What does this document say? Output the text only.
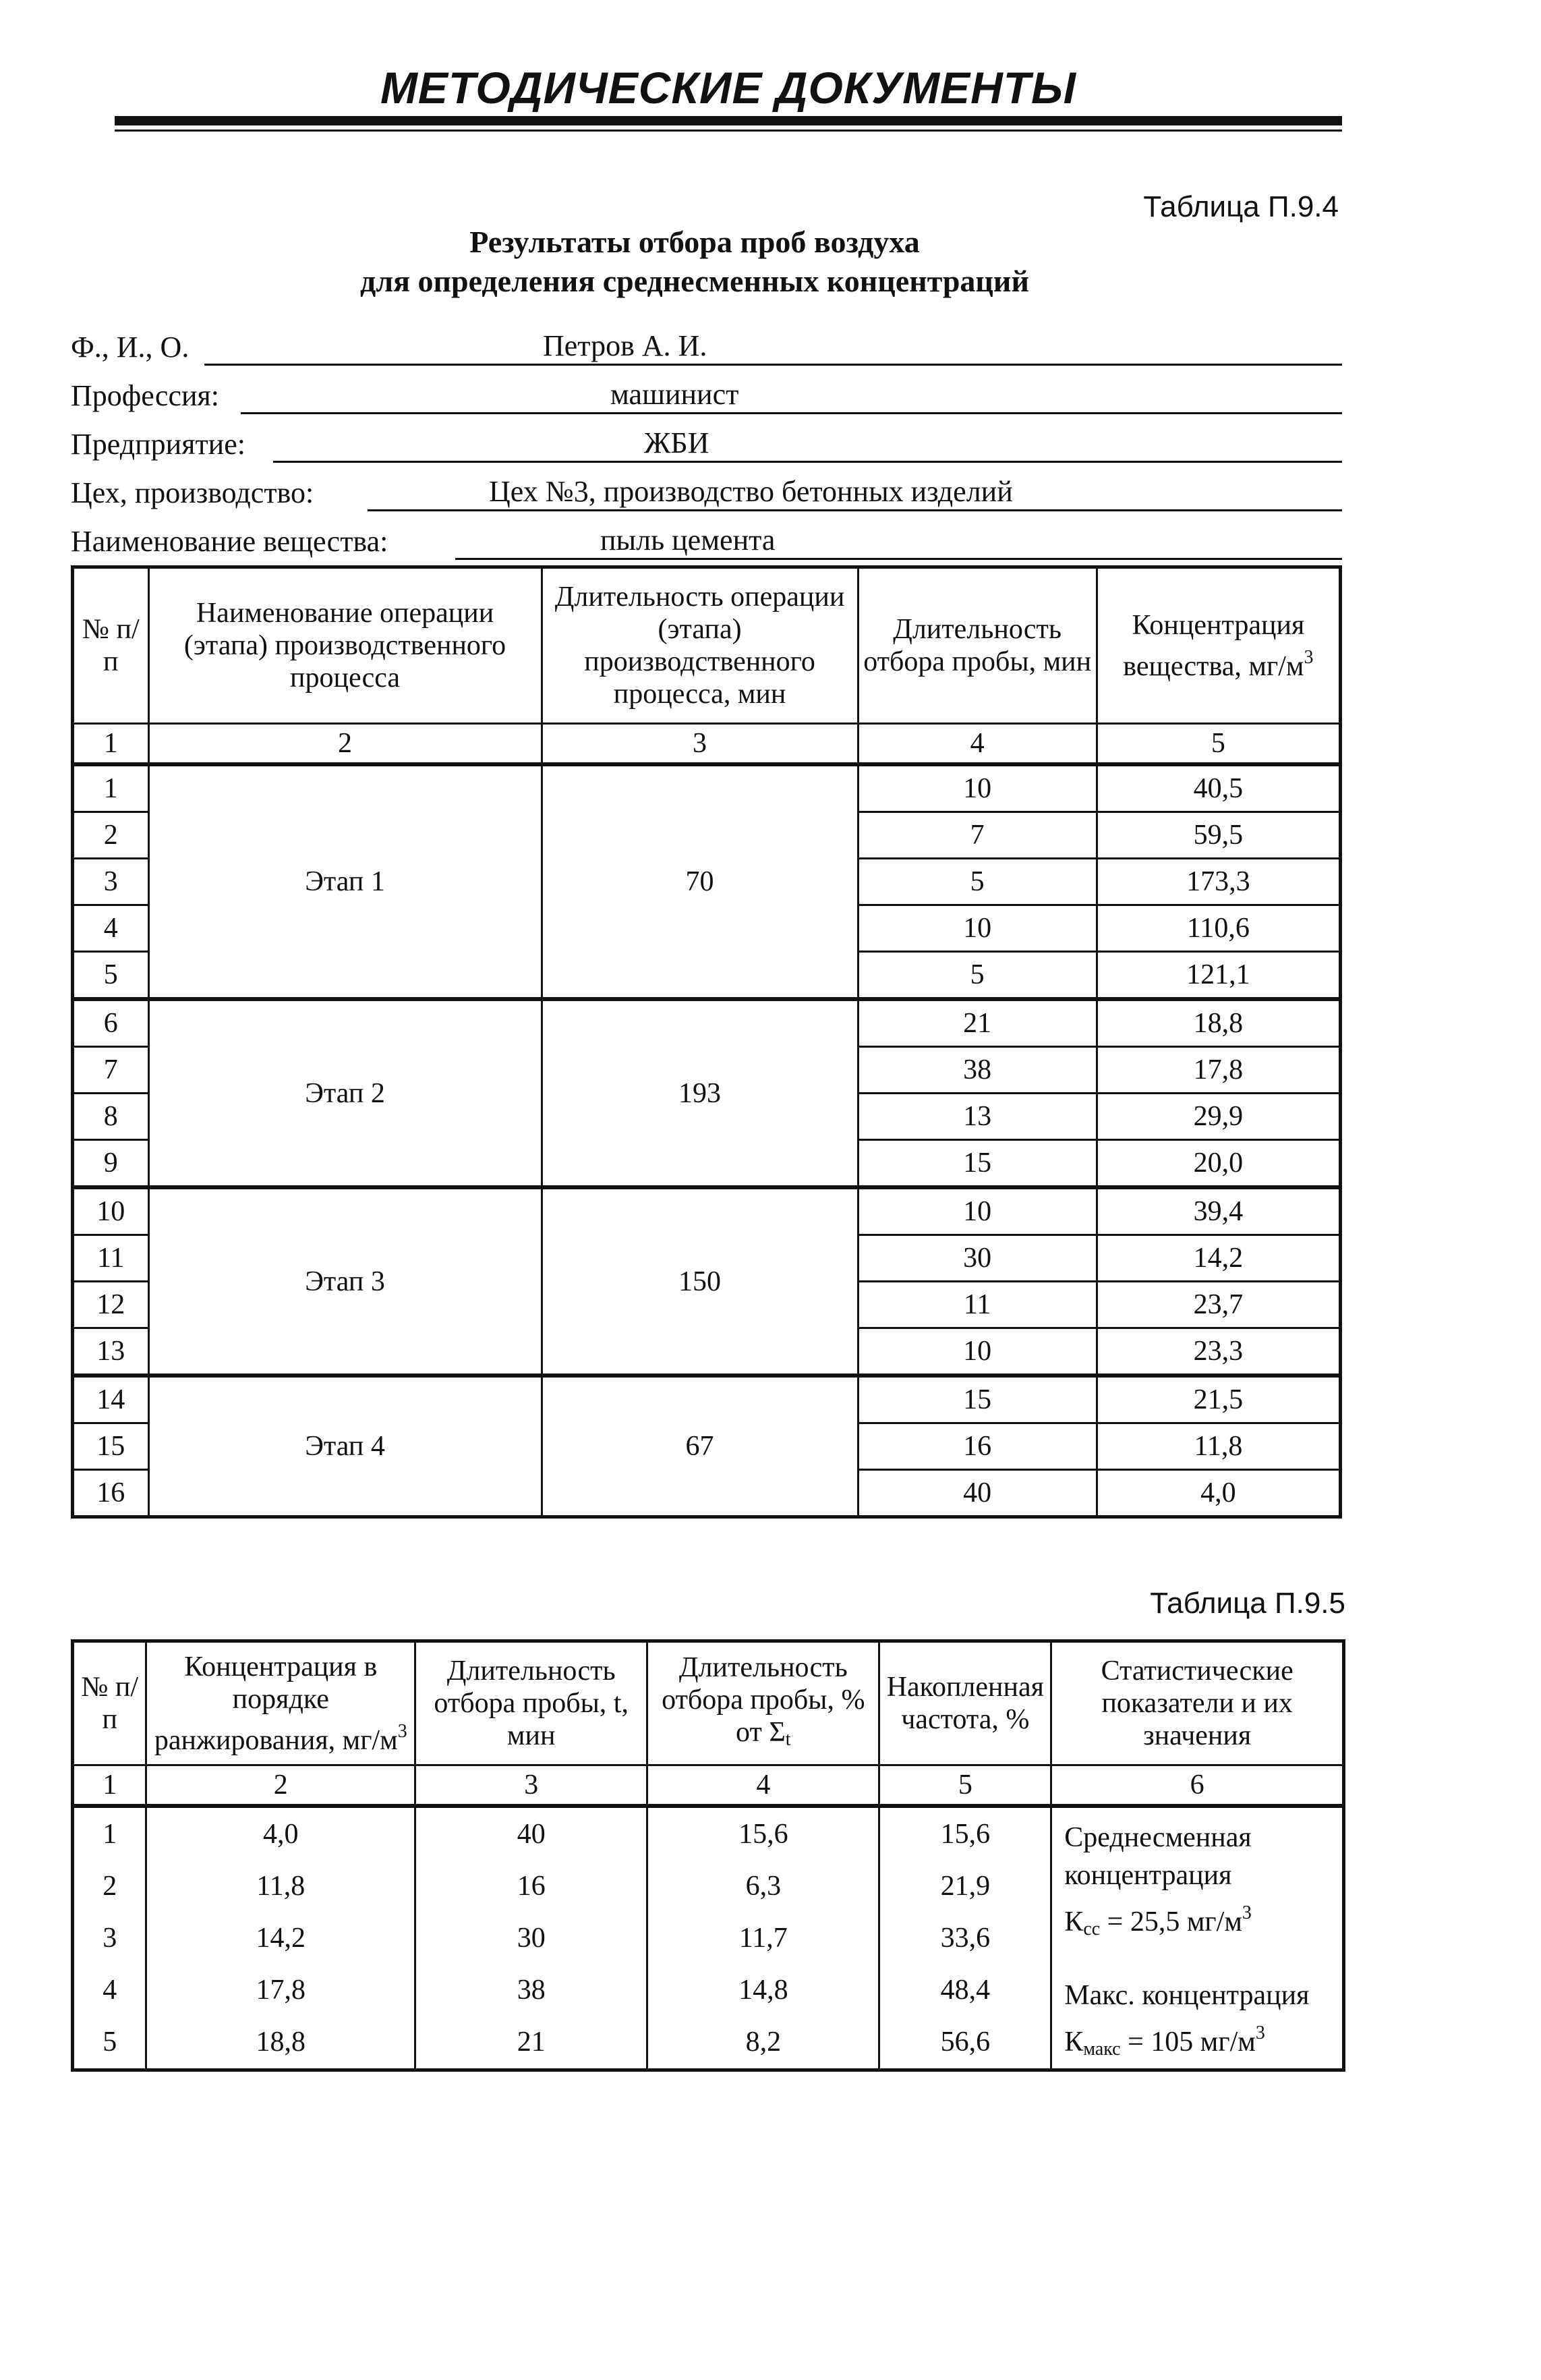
МЕТОДИЧЕСКИЕ ДОКУМЕНТЫ
Таблица П.9.4
Результаты отбора проб воздуха
для определения среднесменных концентраций
Ф., И., О.	Петров А. И.
Профессия:	машинист
Предприятие:	ЖБИ
Цех, производство:	Цех №3, производство бетонных изделий
Наименование вещества:	пыль цемента
№ п/п	Наименование операции (этапа) производственного процесса	Длительность операции (этапа) производственного процесса, мин	Длительность отбора пробы, мин	Концентрация вещества, $мг/м^3$
1	2	3	4	5
1	Этап 1	70	10	40,5
2			7	59,5
3			5	173,3
4			10	110,6
5			5	121,1
6	Этап 2	193	21	18,8
7			38	17,8
8			13	29,9
9			15	20,0
10	Этап 3	150	10	39,4
11			30	14,2
12			11	23,7
13			10	23,3
14	Этап 4	67	15	21,5
15			16	11,8
16			40	4,0
Таблица П.9.5
№ п/п	Концентрация в порядке ранжирования, $мг/м^3$	Длительность отбора пробы, t, мин	Длительность отбора пробы, % от $\Sigma_t$	Накопленная частота, %	Статистические показатели и их значения
1	2	3	4	5	6
1	4,0	40	15,6	15,6	Среднесменная концентрация
$К_{сс} = 25,5$ $мг/м^3$
Макс. концентрация
$К_{макс} = 105$ $мг/м^3$

2	11,8	16	6,3	21,9	
3	14,2	30	11,7	33,6	
4	17,8	38	14,8	48,4	
5	18,8	21	8,2	56,6	
